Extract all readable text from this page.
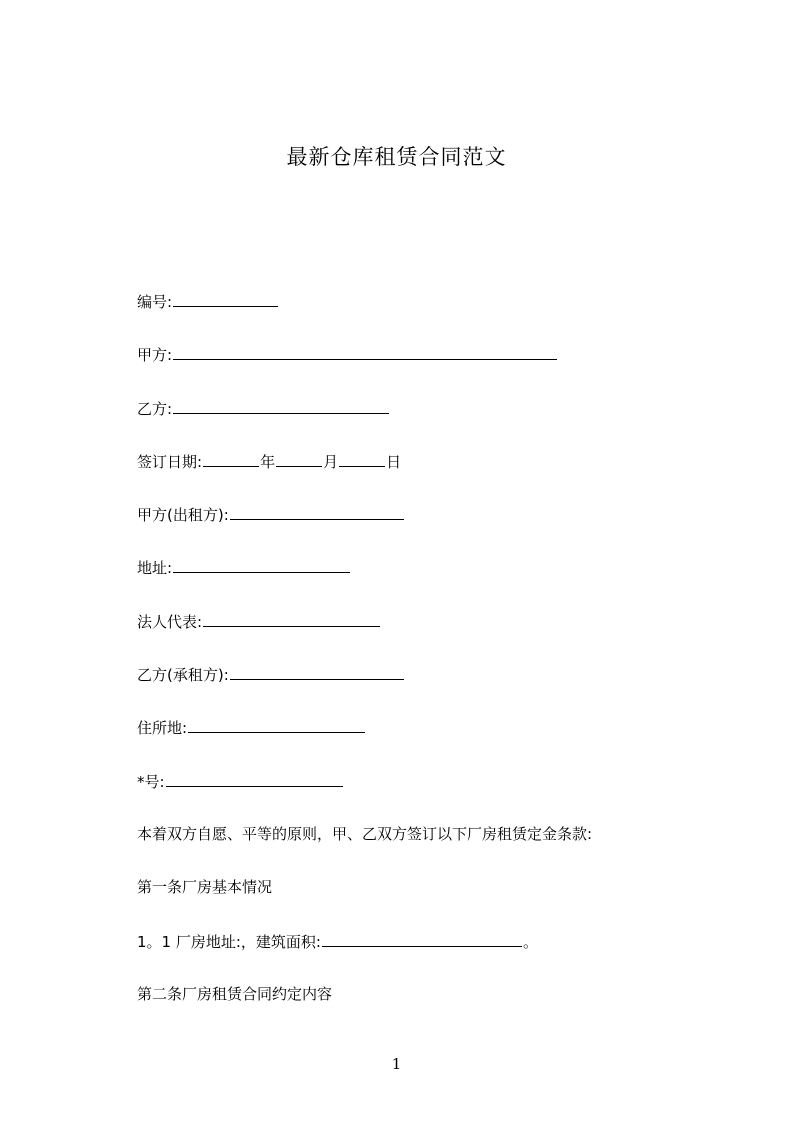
最新仓库租赁合同范文
编号:
甲方:
乙方:
签订日期:	年	月	日
甲方(出租方):
地址:
法人代表:
乙方(承租方):
住所地:
*号:
本着双方自愿、平等的原则，甲、乙双方签订以下厂房租赁定金条款:
第一条厂房基本情况
1。1 厂房地址:，建筑面积:	。
第二条厂房租赁合同约定内容
1
